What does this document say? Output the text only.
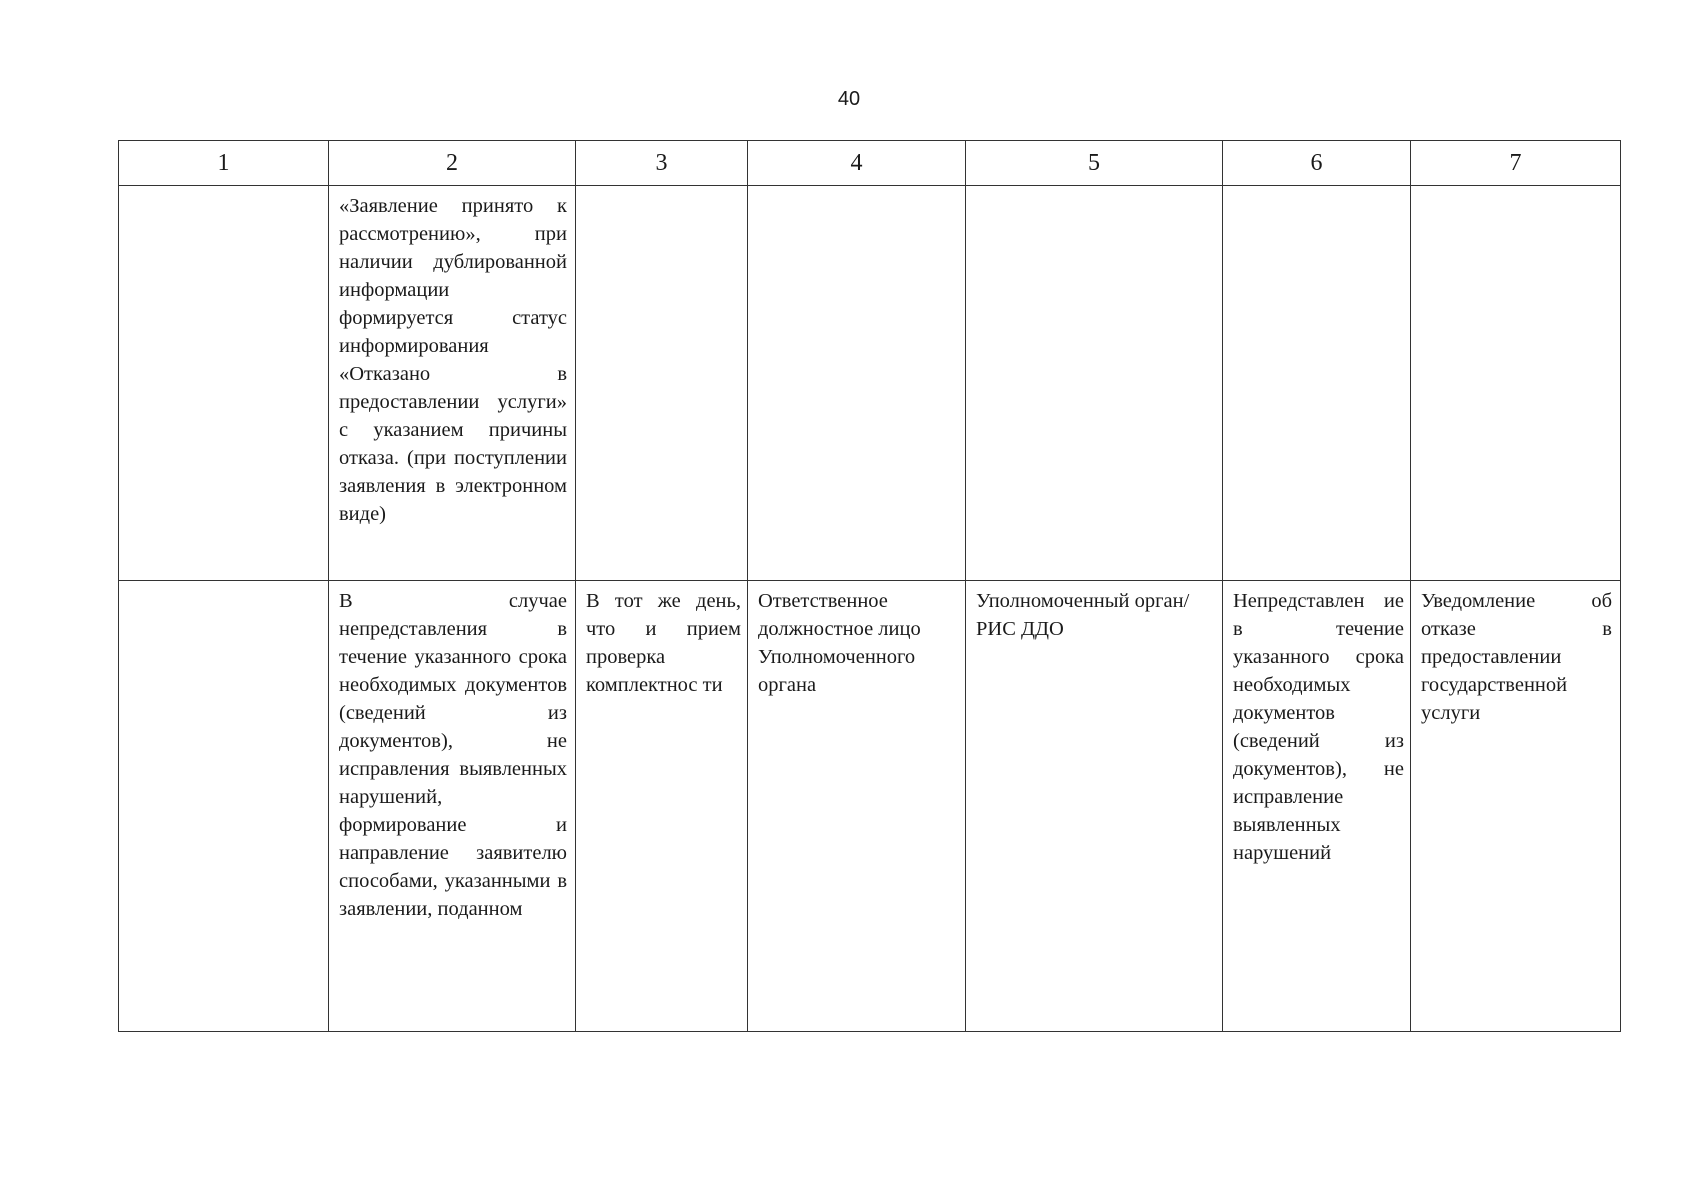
40
1	2	3	4	5	6	7
	«Заявление принято к рассмотрению», при наличии дублированной информации формируется статус информирования «Отказано в предоставлении услуги» с указанием причины отказа. (при поступлении заявления в электронном виде)					
	В случае непредставления в течение указанного срока необходимых документов (сведений из документов), не исправления выявленных нарушений, формирование и направление заявителю способами, указанными в заявлении, поданном	В тот же день, что и прием проверка комплектнос ти	Ответственное должностное лицо Уполномоченного органа	Уполномоченный орган/РИС ДДО	Непредставлен ие в течение указанного срока необходимых документов (сведений из документов), не исправление выявленных нарушений	Уведомление об отказе в предоставлении государственной услуги
